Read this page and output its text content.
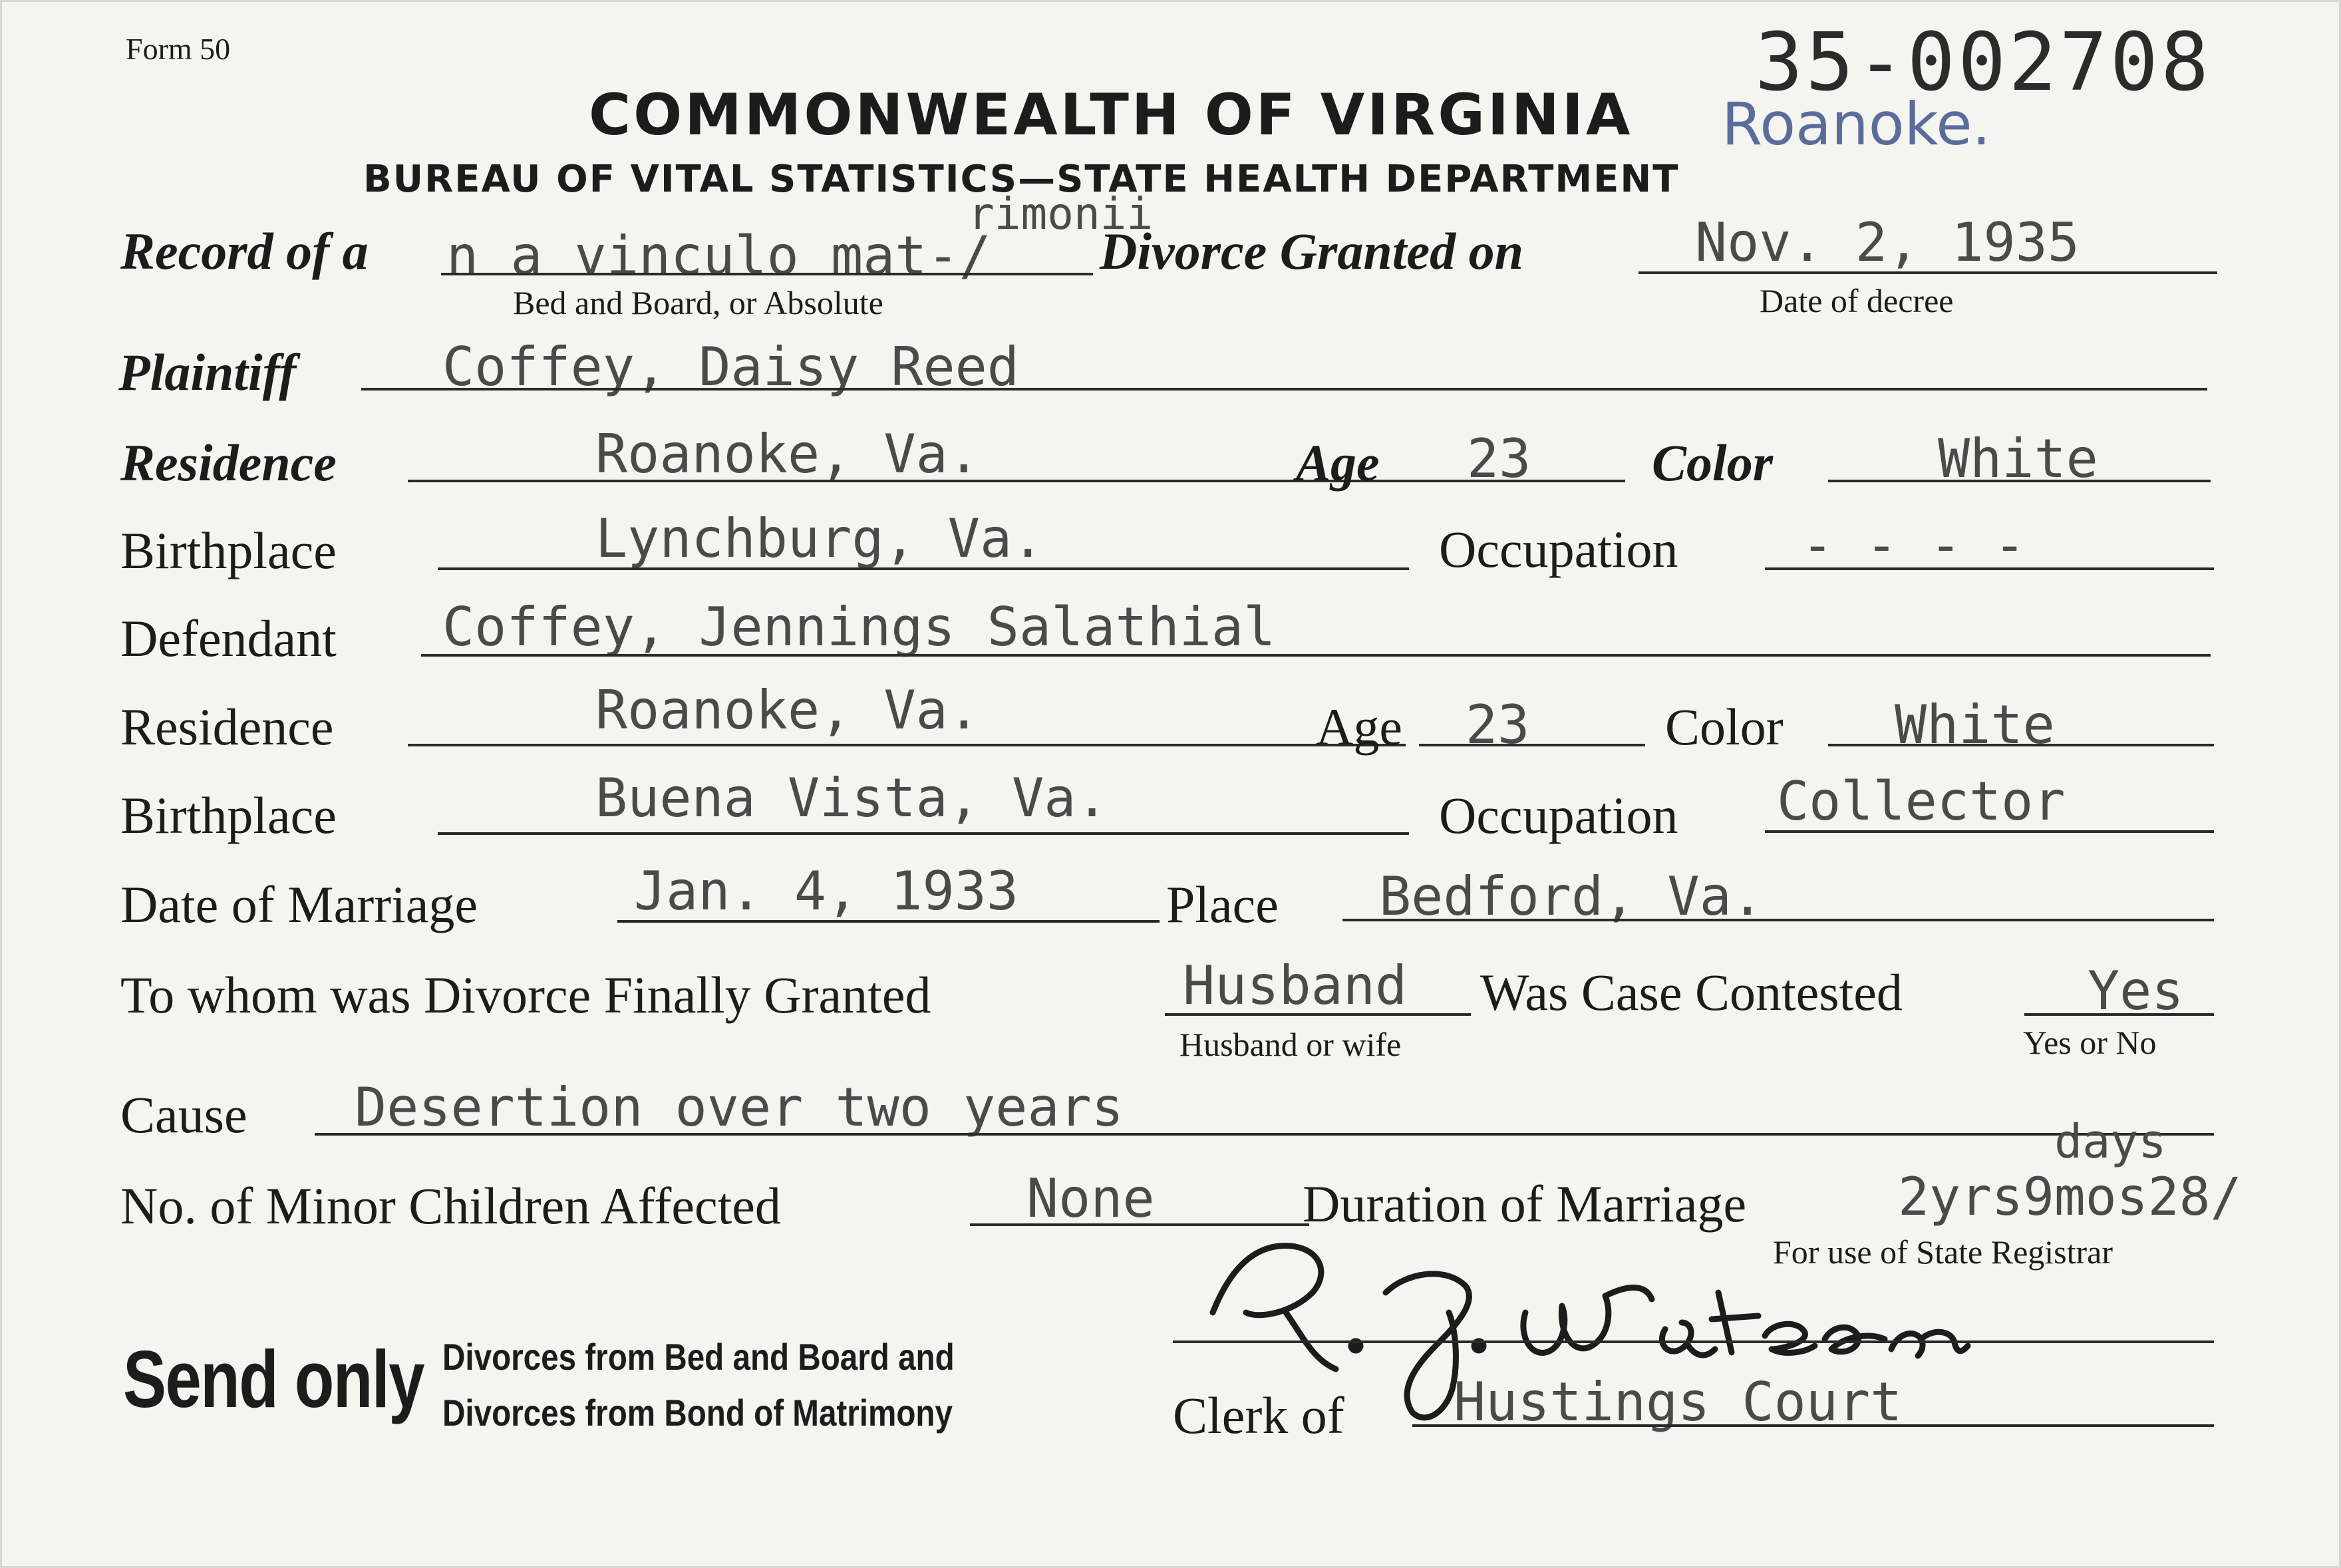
Form 50	35-002708
Roanoke.
COMMONWEALTH OF VIRGINIA
BUREAU OF VITAL STATISTICS—STATE HEALTH DEPARTMENT
Record of a
rimonii
n a vinculo mat-/ Divorce Granted on	Nov. 2, 1935
Bed and Board, or Absolute	Date of decree
Plaintiff	Coffey, Daisy Reed
Residence	Roanoke, Va.	Age 23 Color	White
Birthplace	Lynchburg, Va.	Occupation - - - -
Defendant Coffey, Jennings Salathial
Residence	Roanoke, Va.	Age 23	Color White
Birthplace	Buena Vista, Va.	Occupation Collector
Date of Marriage	Jan. 4, 1933	Place Bedford, Va.
To whom was Divorce Finally Granted	Husband Was Case Contested	Yes
Husband or wife	Yes or No
Cause Desertion over two years
days
No. of Minor Children Affected	None	Duration of Marriage	2yrs9mos28/
For use of State Registrar
Send only Divorces from Bed and Board and
Divorces from Bond of Matrimony	Clerk of Hustings Court
